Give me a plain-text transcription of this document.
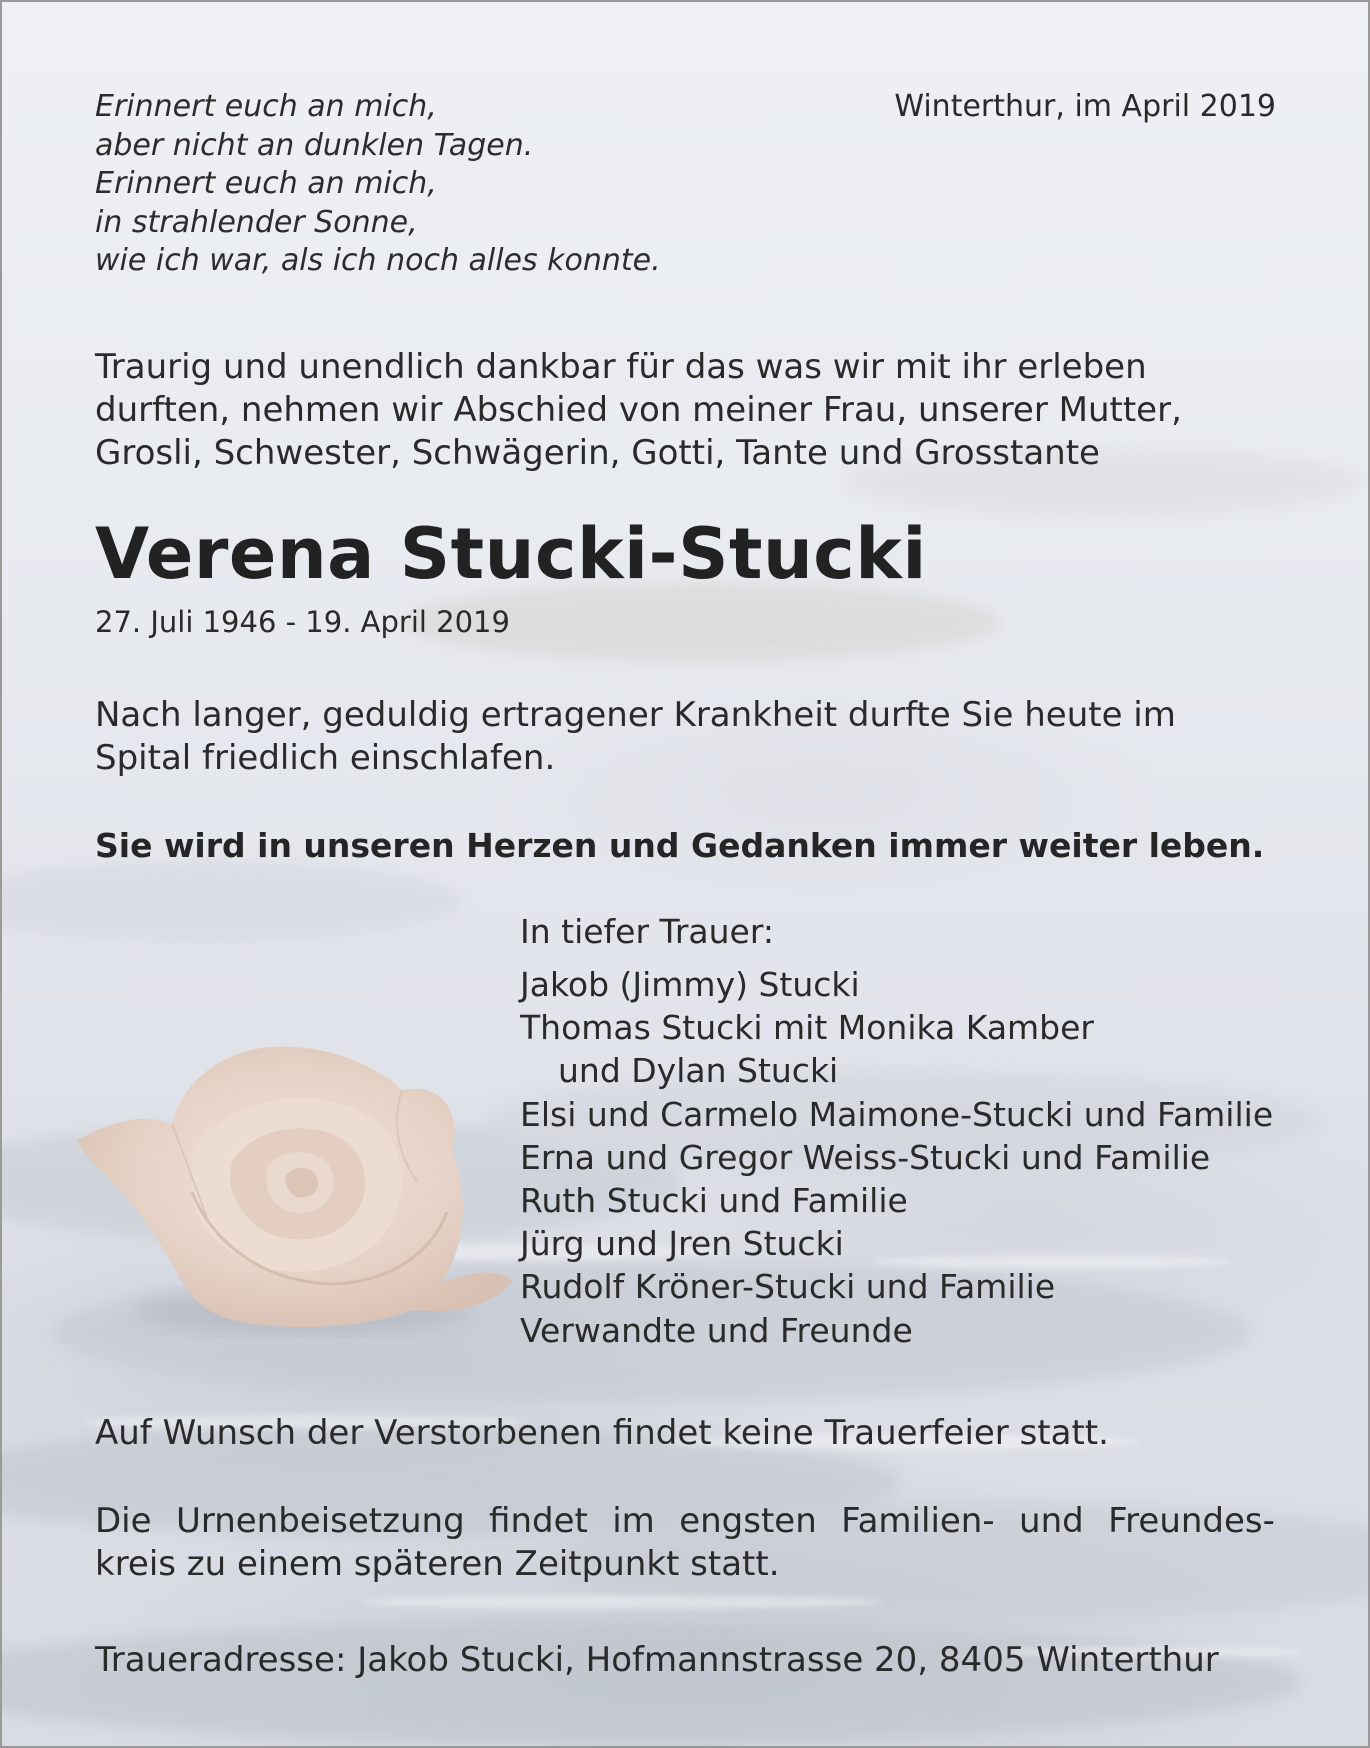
Erinnert euch an mich,
aber nicht an dunklen Tagen.
Erinnert euch an mich,
in strahlender Sonne,
wie ich war, als ich noch alles konnte.
Winterthur, im April 2019
Traurig und unendlich dankbar für das was wir mit ihr erleben
durften, nehmen wir Abschied von meiner Frau, unserer Mutter,
Grosli, Schwester, Schwägerin, Gotti, Tante und Grosstante
Verena Stucki-Stucki
27. Juli 1946 - 19. April 2019
Nach langer, geduldig ertragener Krankheit durfte Sie heute im
Spital friedlich einschlafen.
Sie wird in unseren Herzen und Gedanken immer weiter leben.
In tiefer Trauer:
Jakob (Jimmy) Stucki
Thomas Stucki mit Monika Kamber
und Dylan Stucki
Elsi und Carmelo Maimone-Stucki und Familie
Erna und Gregor Weiss-Stucki und Familie
Ruth Stucki und Familie
Jürg und Jren Stucki
Rudolf Kröner-Stucki und Familie
Verwandte und Freunde
Auf Wunsch der Verstorbenen findet keine Trauerfeier statt.
Die Urnenbeisetzung findet im engsten Familien- und Freundes-
kreis zu einem späteren Zeitpunkt statt.
Traueradresse: Jakob Stucki, Hofmannstrasse 20, 8405 Winterthur
